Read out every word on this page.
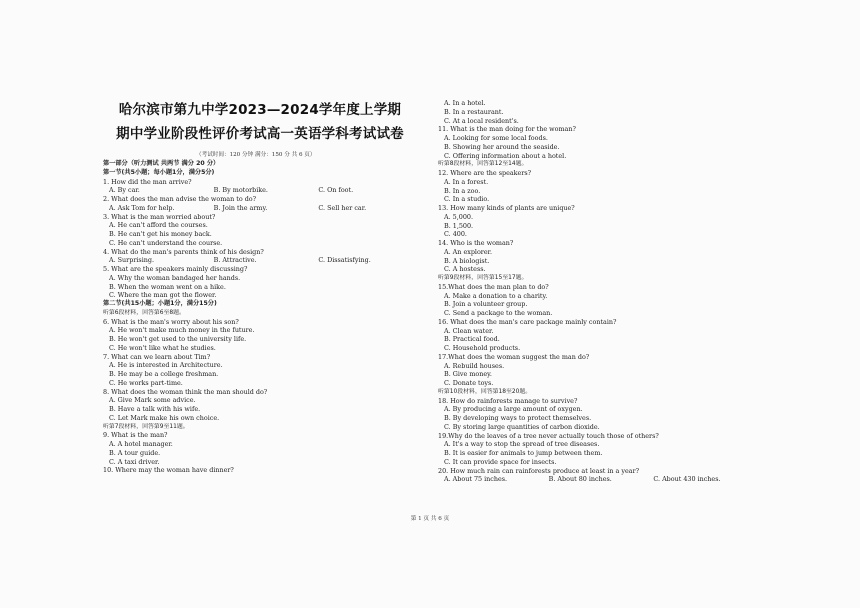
哈尔滨市第九中学2023—2024学年度上学期
期中学业阶段性评价考试高一英语学科考试试卷
（考试时间：120 分钟 满分：150 分 共 6 页）
第一部分（听力测试 共两节 满分 20 分）
第一节(共5小题；每小题1分，满分5分)
1. How did the man arrive?
A. By car.	B. By motorbike.	C. On foot.
2. What does the man advise the woman to do?
A. Ask Tom for help.	B. Join the army.	C. Sell her car.
3. What is the man worried about?
A. He can't afford the courses.
B. He can't get his money back.
C. He can't understand the course.
4. What do the man's parents think of his design?
A. Surprising.	B. Attractive.	C. Dissatisfying.
5. What are the speakers mainly discussing?
A. Why the woman bandaged her hands.
B. When the woman went on a hike.
C. Where the man got the flower.
第二节(共15小题；小题1分，满分15分)
听第6段材料，回答第6至8题。
6. What is the man's worry about his son?
A. He won't make much money in the future.
B. He won't get used to the university life.
C. He won't like what he studies.
7. What can we learn about Tim?
A. He is interested in Architecture.
B. He may be a college freshman.
C. He works part-time.
8. What does the woman think the man should do?
A. Give Mark some advice.
B. Have a talk with his wife.
C. Let Mark make his own choice.
听第7段材料，回答第9至11题。
9. What is the man?
A. A hotel manager.
B. A tour guide.
C. A taxi driver.
10. Where may the woman have dinner?
A. In a hotel.
B. In a restaurant.
C. At a local resident's.
11. What is the man doing for the woman?
A. Looking for some local foods.
B. Showing her around the seaside.
C. Offering information about a hotel.
听第8段材料，回答第12至14题。
12. Where are the speakers?
A. In a forest.
B. In a zoo.
C. In a studio.
13. How many kinds of plants are unique?
A. 5,000.
B. 1,500.
C. 400.
14. Who is the woman?
A. An explorer.
B. A biologist.
C. A hostess.
听第9段材料，回答第15至17题。
15.What does the man plan to do?
A. Make a donation to a charity.
B. Join a volunteer group.
C. Send a package to the woman.
16. What does the man's care package mainly contain?
A. Clean water.
B. Practical food.
C. Household products.
17.What does the woman suggest the man do?
A. Rebuild houses.
B. Give money.
C. Donate toys.
听第10段材料，回答第18至20题。
18. How do rainforests manage to survive?
A. By producing a large amount of oxygen.
B. By developing ways to protect themselves.
C. By storing large quantities of carbon dioxide.
19.Why do the leaves of a tree never actually touch those of others?
A. It's a way to stop the spread of tree diseases.
B. It is easier for animals to jump between them.
C. It can provide space for insects.
20. How much rain can rainforests produce at least in a year?
A. About 75 inches.	B. About 80 inches.	C. About 430 inches.
第 1 页 共 6 页
